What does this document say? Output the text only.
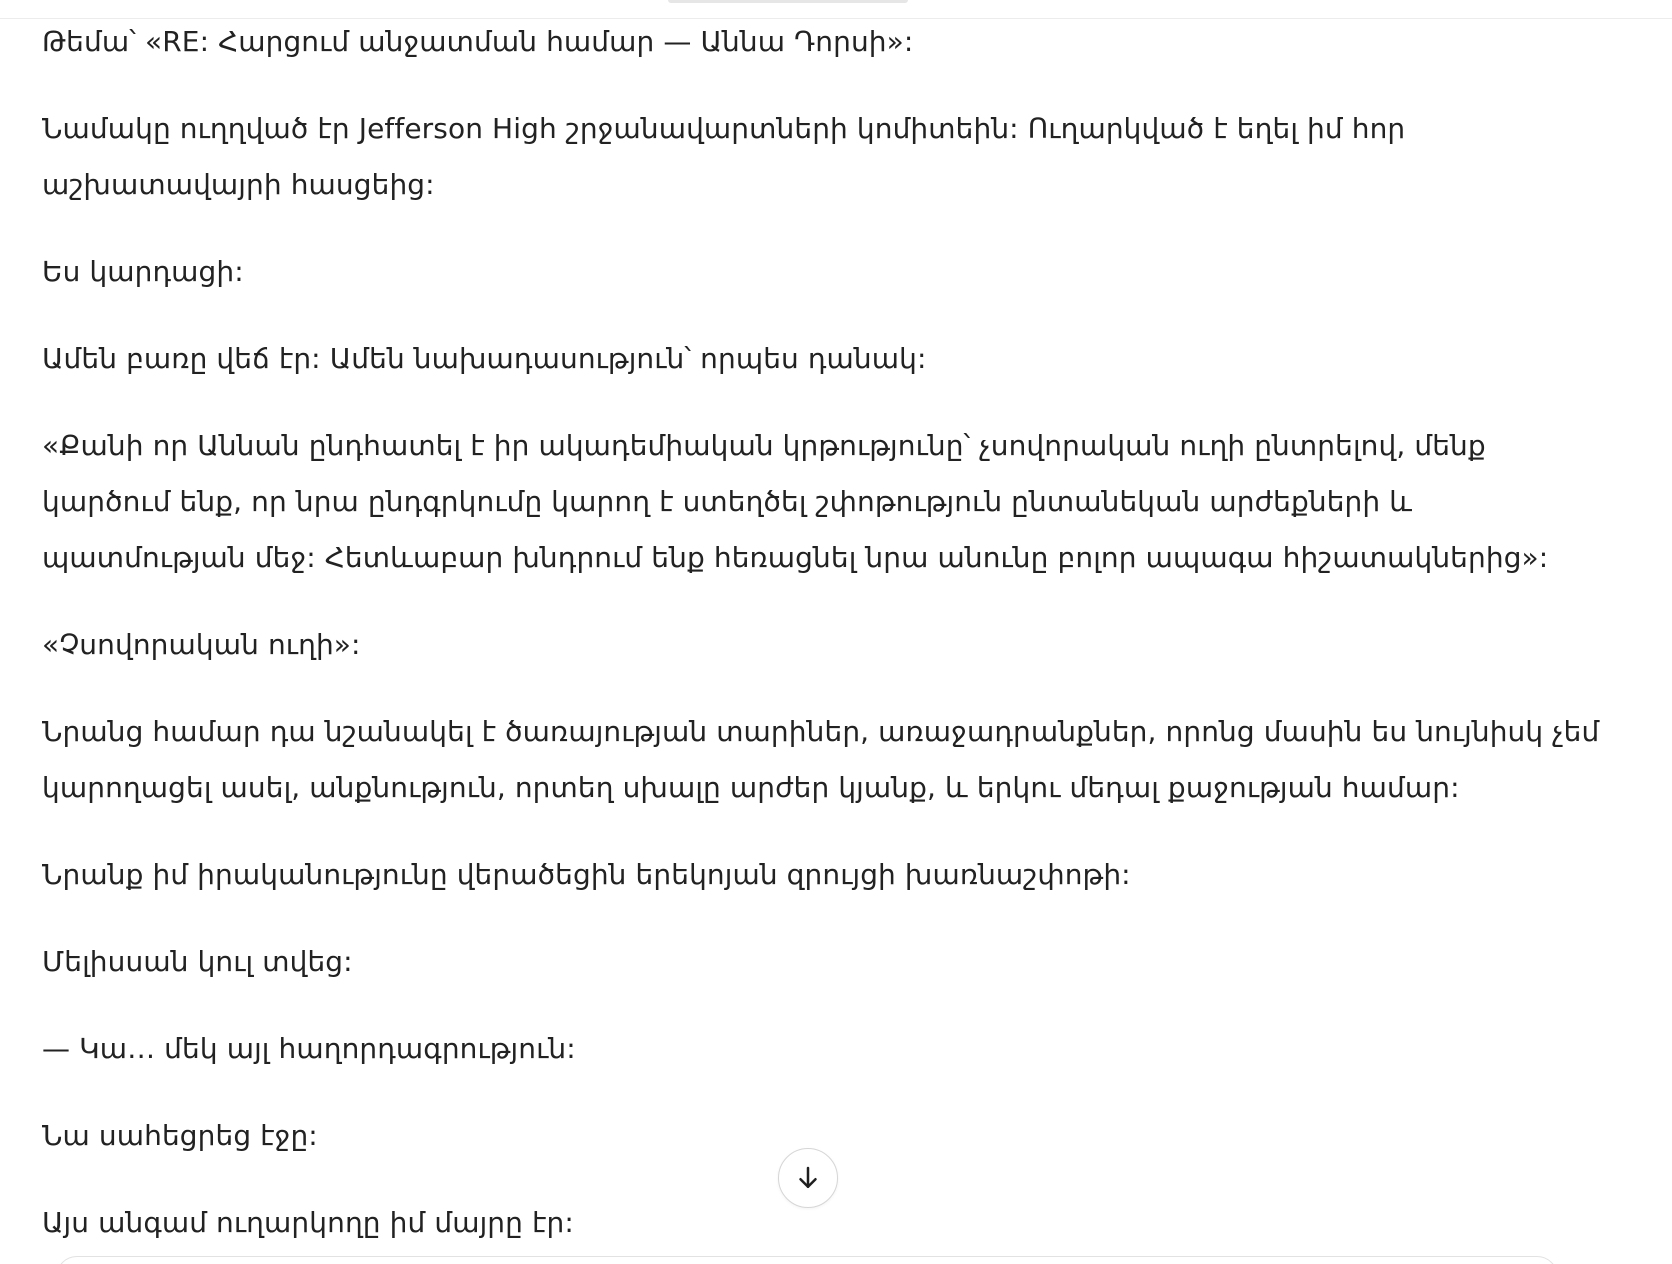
Թեմա՝ «RE: Հարցում անջատման համար — Աննա Դորսի»:

Նամակը ուղղված էր Jefferson High շրջանավարտների կոմիտեին: Ուղարկված է եղել իմ հոր աշխատավայրի հասցեից:

Ես կարդացի:

Ամեն բառը վեճ էր: Ամեն նախադասություն՝ որպես դանակ:

«Քանի որ Աննան ընդհատել է իր ակադեմիական կրթությունը՝ չսովորական ուղի ընտրելով, մենք կարծում ենք, որ նրա ընդգրկումը կարող է ստեղծել շփոթություն ընտանեկան արժեքների և պատմության մեջ: Հետևաբար խնդրում ենք հեռացնել նրա անունը բոլոր ապագա հիշատակներից»:

«Չսովորական ուղի»:

Նրանց համար դա նշանակել է ծառայության տարիներ, առաջադրանքներ, որոնց մասին ես նույնիսկ չեմ կարողացել ասել, անքնություն, որտեղ սխալը արժեր կյանք, և երկու մեդալ քաջության համար:

Նրանք իմ իրականությունը վերածեցին երեկոյան զրույցի խառնաշփոթի:

Մելիսսան կուլ տվեց:

— Կա… մեկ այլ հաղորդագրություն:

Նա սահեցրեց էջը:

Այս անգամ ուղարկողը իմ մայրը էր:
